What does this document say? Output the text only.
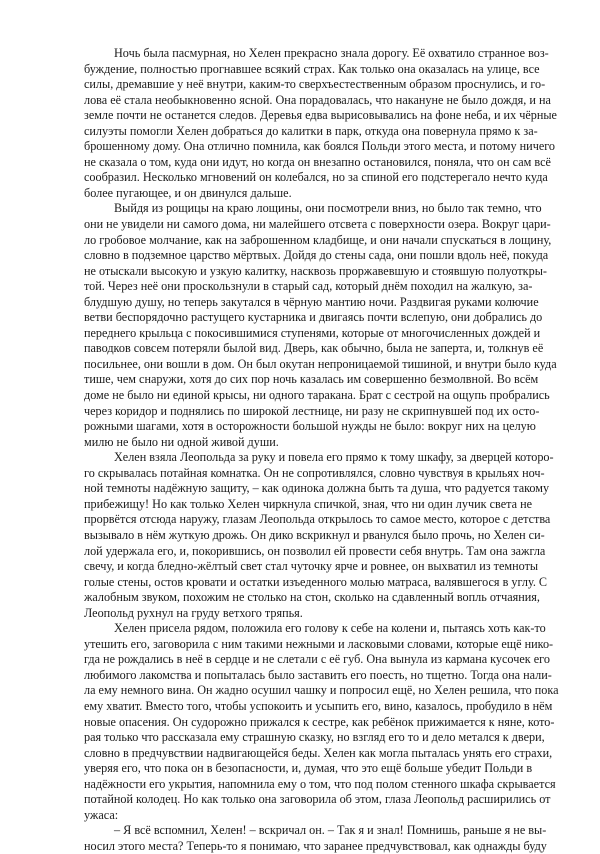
Ночь была пасмурная, но Хелен прекрасно знала дорогу. Её охватило странное воз-
буждение, полностью прогнавшее всякий страх. Как только она оказалась на улице, все
силы, дремавшие у неё внутри, каким-то сверхъестественным образом проснулись, и го-
лова её стала необыкновенно ясной. Она порадовалась, что накануне не было дождя, и на
земле почти не останется следов. Деревья едва вырисовывались на фоне неба, и их чёрные
силуэты помогли Хелен добраться до калитки в парк, откуда она повернула прямо к за-
брошенному дому. Она отлично помнила, как боялся Польди этого места, и потому ничего
не сказала о том, куда они идут, но когда он внезапно остановился, поняла, что он сам всё
сообразил. Несколько мгновений он колебался, но за спиной его подстерегало нечто куда
более пугающее, и он двинулся дальше.
Выйдя из рощицы на краю лощины, они посмотрели вниз, но было так темно, что
они не увидели ни самого дома, ни малейшего отсвета с поверхности озера. Вокруг цари-
ло гробовое молчание, как на заброшенном кладбище, и они начали спускаться в лощину,
словно в подземное царство мёртвых. Дойдя до стены сада, они пошли вдоль неё, покуда
не отыскали высокую и узкую калитку, насквозь проржавевшую и стоявшую полуоткры-
той. Через неё они проскользнули в старый сад, который днём походил на жалкую, за-
блудшую душу, но теперь закутался в чёрную мантию ночи. Раздвигая руками колючие
ветви беспорядочно растущего кустарника и двигаясь почти вслепую, они добрались до
переднего крыльца с покосившимися ступенями, которые от многочисленных дождей и
паводков совсем потеряли былой вид. Дверь, как обычно, была не заперта, и, толкнув её
посильнее, они вошли в дом. Он был окутан непроницаемой тишиной, и внутри было куда
тише, чем снаружи, хотя до сих пор ночь казалась им совершенно безмолвной. Во всём
доме не было ни единой крысы, ни одного таракана. Брат с сестрой на ощупь пробрались
через коридор и поднялись по широкой лестнице, ни разу не скрипнувшей под их осто-
рожными шагами, хотя в осторожности большой нужды не было: вокруг них на целую
милю не было ни одной живой души.
Хелен взяла Леопольда за руку и повела его прямо к тому шкафу, за дверцей которо-
го скрывалась потайная комнатка. Он не сопротивлялся, словно чувствуя в крыльях ноч-
ной темноты надёжную защиту, – как одинока должна быть та душа, что радуется такому
прибежищу! Но как только Хелен чиркнула спичкой, зная, что ни один лучик света не
прорвётся отсюда наружу, глазам Леопольда открылось то самое место, которое с детства
вызывало в нём жуткую дрожь. Он дико вскрикнул и рванулся было прочь, но Хелен си-
лой удержала его, и, покорившись, он позволил ей провести себя внутрь. Там она зажгла
свечу, и когда бледно-жёлтый свет стал чуточку ярче и ровнее, он выхватил из темноты
голые стены, остов кровати и остатки изъеденного молью матраса, валявшегося в углу. С
жалобным звуком, похожим не столько на стон, сколько на сдавленный вопль отчаяния,
Леопольд рухнул на груду ветхого тряпья.
Хелен присела рядом, положила его голову к себе на колени и, пытаясь хоть как-то
утешить его, заговорила с ним такими нежными и ласковыми словами, которые ещё нико-
гда не рождались в неё в сердце и не слетали с её губ. Она вынула из кармана кусочек его
любимого лакомства и попыталась было заставить его поесть, но тщетно. Тогда она нали-
ла ему немного вина. Он жадно осушил чашку и попросил ещё, но Хелен решила, что пока
ему хватит. Вместо того, чтобы успокоить и усыпить его, вино, казалось, пробудило в нём
новые опасения. Он судорожно прижался к сестре, как ребёнок прижимается к няне, кото-
рая только что рассказала ему страшную сказку, но взгляд его то и дело метался к двери,
словно в предчувствии надвигающейся беды. Хелен как могла пыталась унять его страхи,
уверяя его, что пока он в безопасности, и, думая, что это ещё больше убедит Польди в
надёжности его укрытия, напомнила ему о том, что под полом стенного шкафа скрывается
потайной колодец. Но как только она заговорила об этом, глаза Леопольд расширились от
ужаса:
– Я всё вспомнил, Хелен! – вскричал он. – Так я и знал! Помнишь, раньше я не вы-
носил этого места? Теперь-то я понимаю, что заранее предчувствовал, как однажды буду
